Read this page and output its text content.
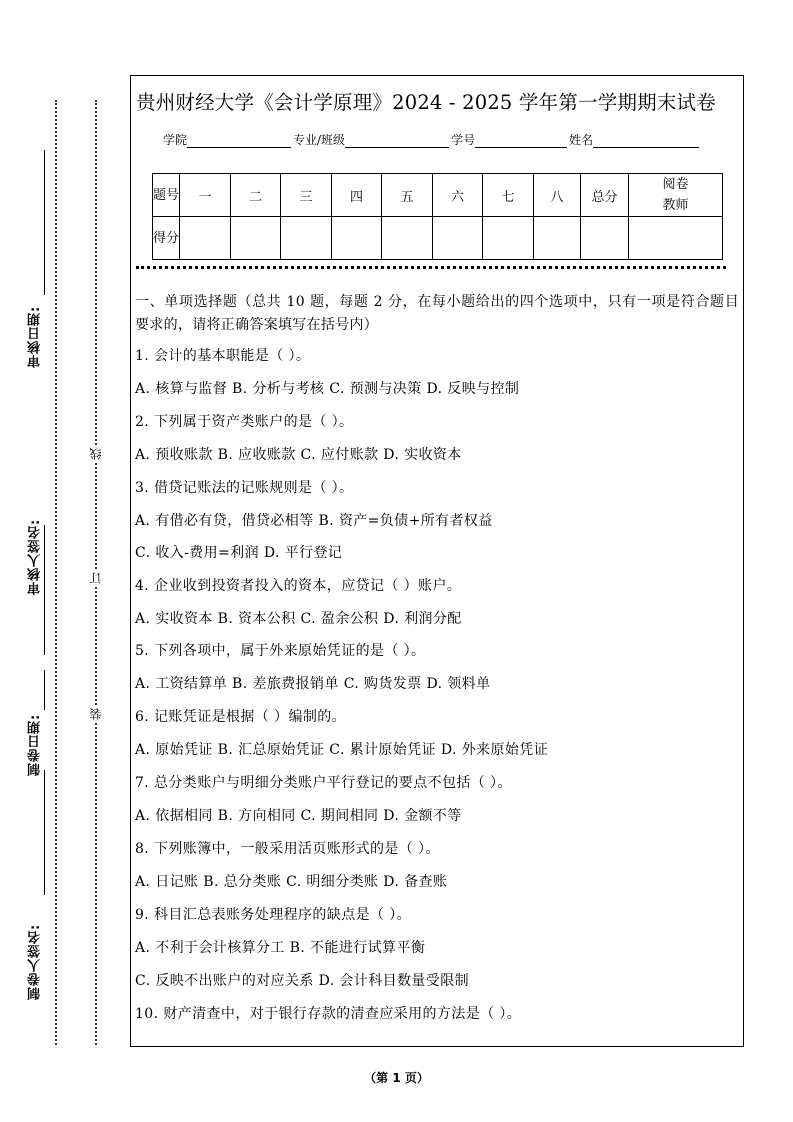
审核日期:
审核人签名:
制卷日期:
制卷人签名:
线
订
装
贵州财经大学《会计学原理》2024 - 2025 学年第一学期期末试卷
学院	专业/班级	学号	姓名
题号	一	二	三	四	五	六	七	八	总分	阅卷教师
得分										

一、单项选择题（总共 10 题，每题 2 分，在每小题给出的四个选项中，只有一项是符合题目要求的，请将正确答案填写在括号内）

1. 会计的基本职能是（ ）。
A. 核算与监督 B. 分析与考核 C. 预测与决策 D. 反映与控制
2. 下列属于资产类账户的是（ ）。
A. 预收账款 B. 应收账款 C. 应付账款 D. 实收资本
3. 借贷记账法的记账规则是（ ）。
A. 有借必有贷，借贷必相等 B. 资产=负债+所有者权益
C. 收入-费用=利润 D. 平行登记
4. 企业收到投资者投入的资本，应贷记（ ）账户。
A. 实收资本 B. 资本公积 C. 盈余公积 D. 利润分配
5. 下列各项中，属于外来原始凭证的是（ ）。
A. 工资结算单 B. 差旅费报销单 C. 购货发票 D. 领料单
6. 记账凭证是根据（ ）编制的。
A. 原始凭证 B. 汇总原始凭证 C. 累计原始凭证 D. 外来原始凭证
7. 总分类账户与明细分类账户平行登记的要点不包括（ ）。
A. 依据相同 B. 方向相同 C. 期间相同 D. 金额不等
8. 下列账簿中，一般采用活页账形式的是（ ）。
A. 日记账 B. 总分类账 C. 明细分类账 D. 备查账
9. 科目汇总表账务处理程序的缺点是（ ）。
A. 不利于会计核算分工 B. 不能进行试算平衡
C. 反映不出账户的对应关系 D. 会计科目数量受限制
10. 财产清查中，对于银行存款的清查应采用的方法是（ ）。
（第 1 页）
